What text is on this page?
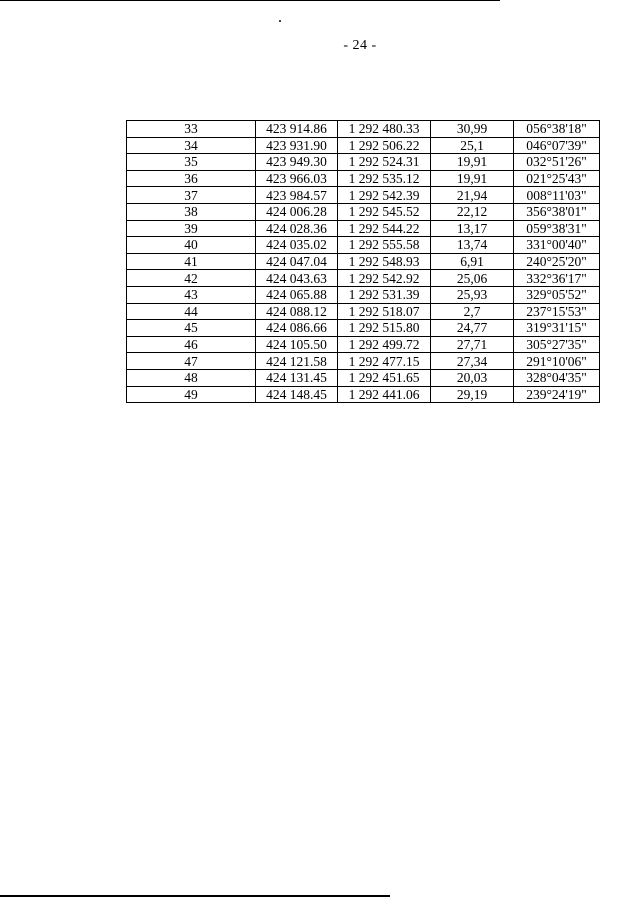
- 24 -
33	423 914.86	1 292 480.33	30,99	056°38'18"
34	423 931.90	1 292 506.22	25,1	046°07'39"
35	423 949.30	1 292 524.31	19,91	032°51'26"
36	423 966.03	1 292 535.12	19,91	021°25'43"
37	423 984.57	1 292 542.39	21,94	008°11'03"
38	424 006.28	1 292 545.52	22,12	356°38'01"
39	424 028.36	1 292 544.22	13,17	059°38'31"
40	424 035.02	1 292 555.58	13,74	331°00'40"
41	424 047.04	1 292 548.93	6,91	240°25'20"
42	424 043.63	1 292 542.92	25,06	332°36'17"
43	424 065.88	1 292 531.39	25,93	329°05'52"
44	424 088.12	1 292 518.07	2,7	237°15'53"
45	424 086.66	1 292 515.80	24,77	319°31'15"
46	424 105.50	1 292 499.72	27,71	305°27'35"
47	424 121.58	1 292 477.15	27,34	291°10'06"
48	424 131.45	1 292 451.65	20,03	328°04'35"
49	424 148.45	1 292 441.06	29,19	239°24'19"
